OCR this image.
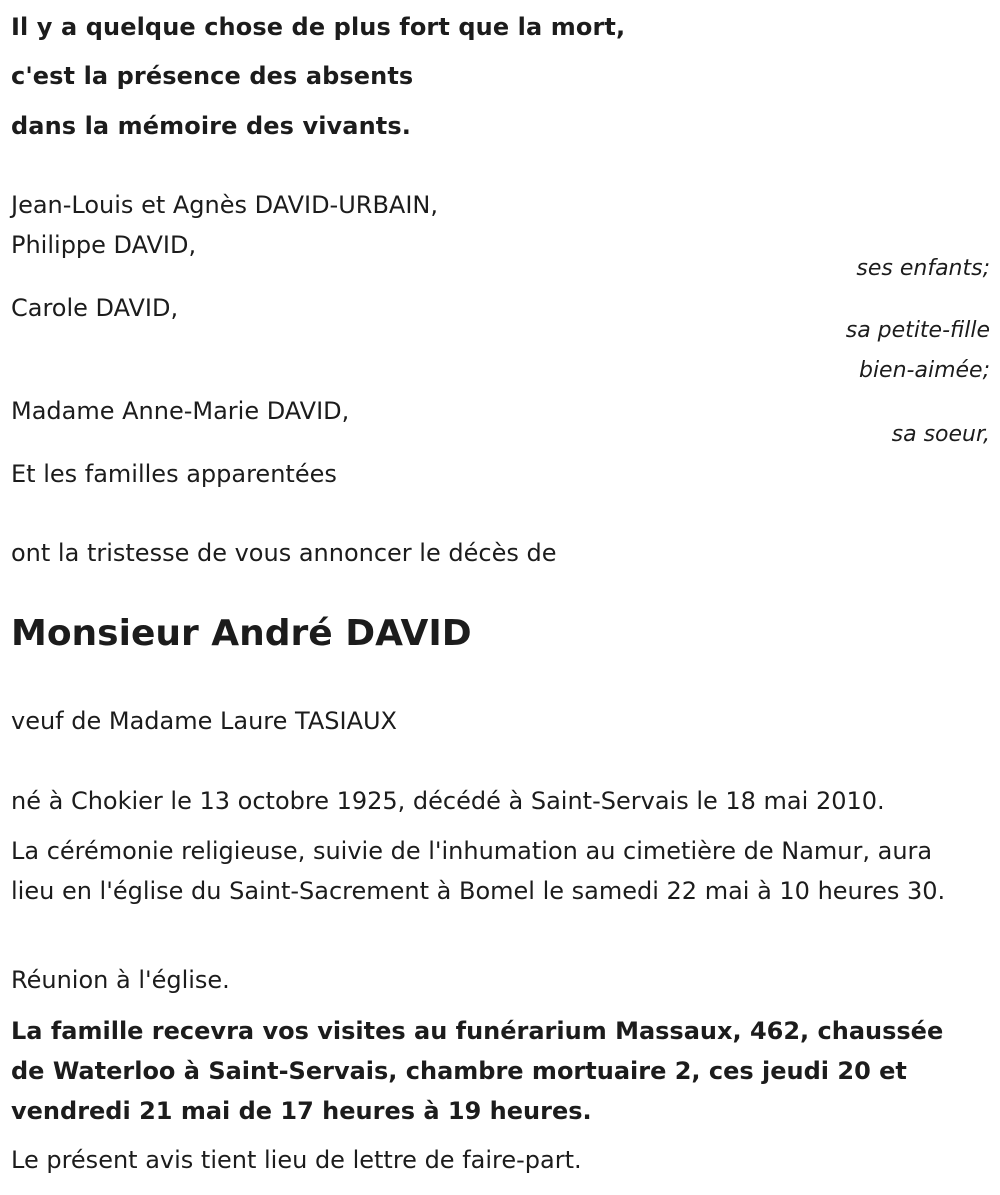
Il y a quelque chose de plus fort que la mort,
c'est la présence des absents
dans la mémoire des vivants.
Jean-Louis et Agnès DAVID-URBAIN,
Philippe DAVID,
ses enfants;
Carole DAVID,
sa petite-fille
bien-aimée;
Madame Anne-Marie DAVID,
sa soeur,
Et les familles apparentées
ont la tristesse de vous annoncer le décès de
Monsieur André DAVID
veuf de Madame Laure TASIAUX
né à Chokier le 13 octobre 1925, décédé à Saint-Servais le 18 mai 2010.
La cérémonie religieuse, suivie de l'inhumation au cimetière de Namur, aura lieu en l'église du Saint-Sacrement à Bomel le samedi 22 mai à 10 heures 30.
Réunion à l'église.
La famille recevra vos visites au funérarium Massaux, 462, chaussée de Waterloo à Saint-Servais, chambre mortuaire 2, ces jeudi 20 et vendredi 21 mai de 17 heures à 19 heures.
Le présent avis tient lieu de lettre de faire-part.
